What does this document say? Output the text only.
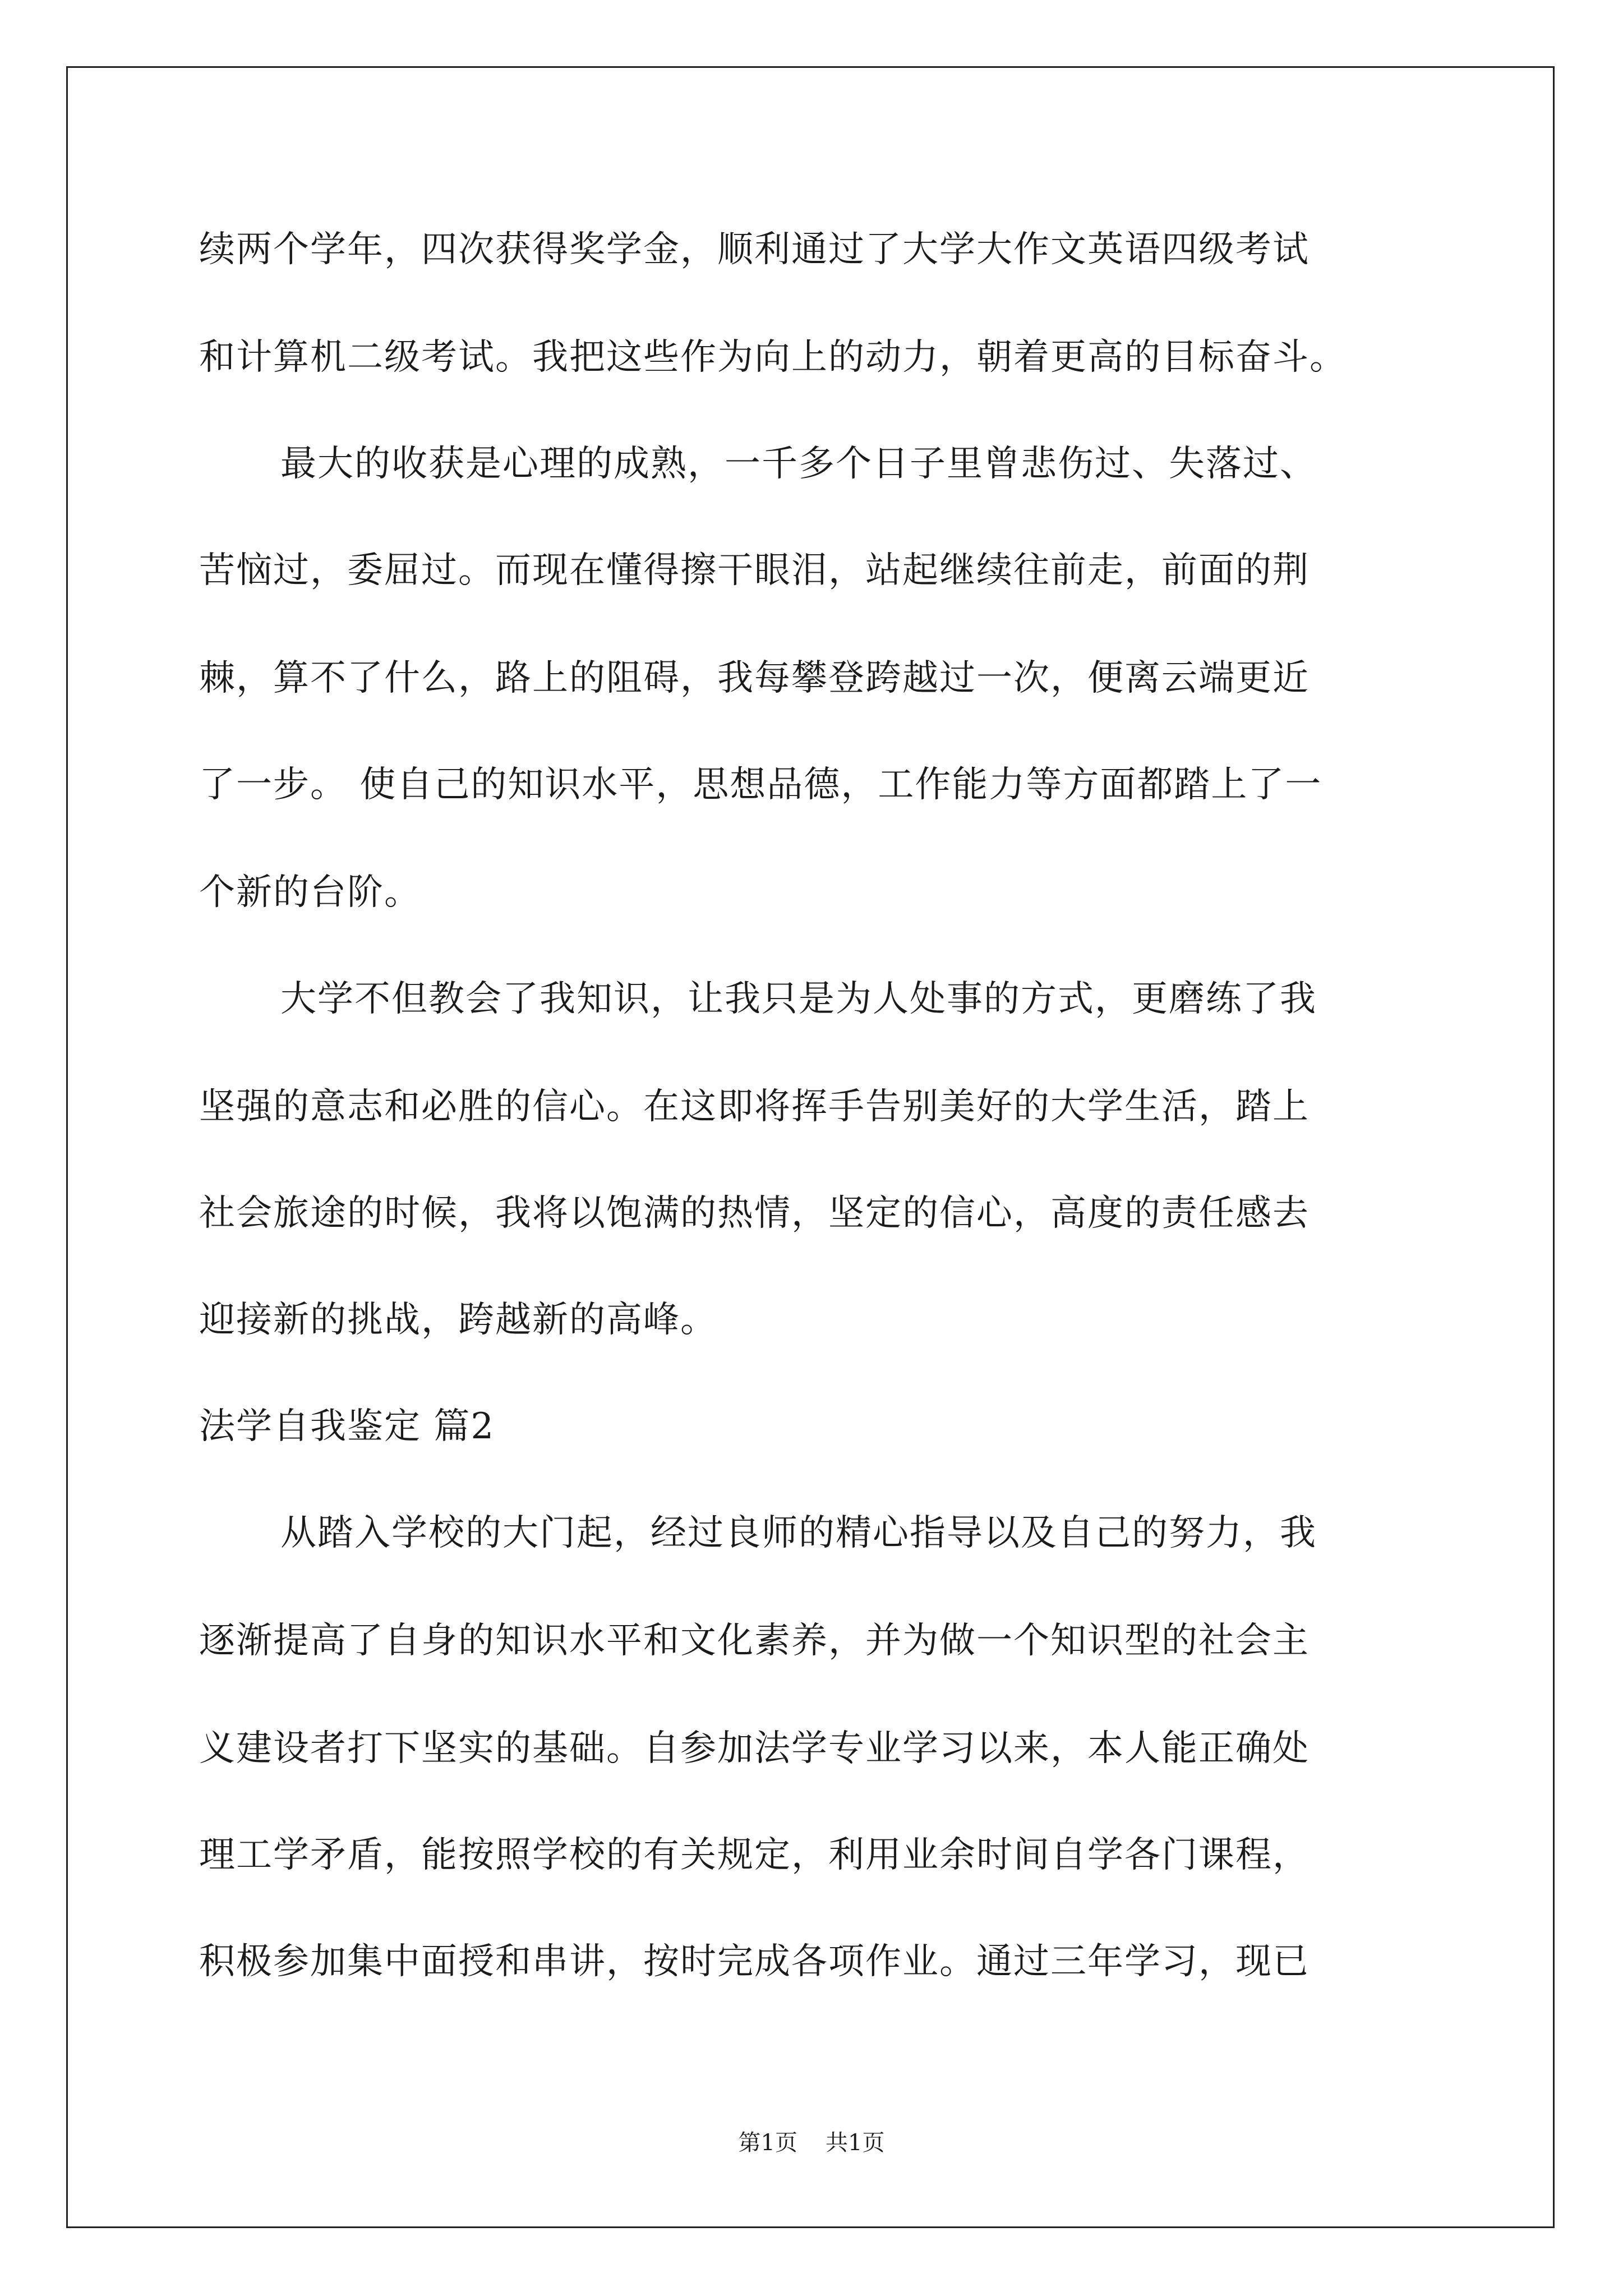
续两个学年，四次获得奖学金，顺利通过了大学大作文英语四级考试
和计算机二级考试。我把这些作为向上的动力，朝着更高的目标奋斗。
最大的收获是心理的成熟，一千多个日子里曾悲伤过、失落过、
苦恼过，委屈过。而现在懂得擦干眼泪，站起继续往前走，前面的荆
棘，算不了什么，路上的阻碍，我每攀登跨越过一次，便离云端更近
了一步。 使自己的知识水平，思想品德，工作能力等方面都踏上了一
个新的台阶。
大学不但教会了我知识，让我只是为人处事的方式，更磨练了我
坚强的意志和必胜的信心。在这即将挥手告别美好的大学生活，踏上
社会旅途的时候，我将以饱满的热情，坚定的信心，高度的责任感去
迎接新的挑战，跨越新的高峰。
法学自我鉴定 篇2
从踏入学校的大门起，经过良师的精心指导以及自己的努力，我
逐渐提高了自身的知识水平和文化素养，并为做一个知识型的社会主
义建设者打下坚实的基础。自参加法学专业学习以来，本人能正确处
理工学矛盾，能按照学校的有关规定，利用业余时间自学各门课程，
积极参加集中面授和串讲，按时完成各项作业。通过三年学习，现已
第1页 共1页
